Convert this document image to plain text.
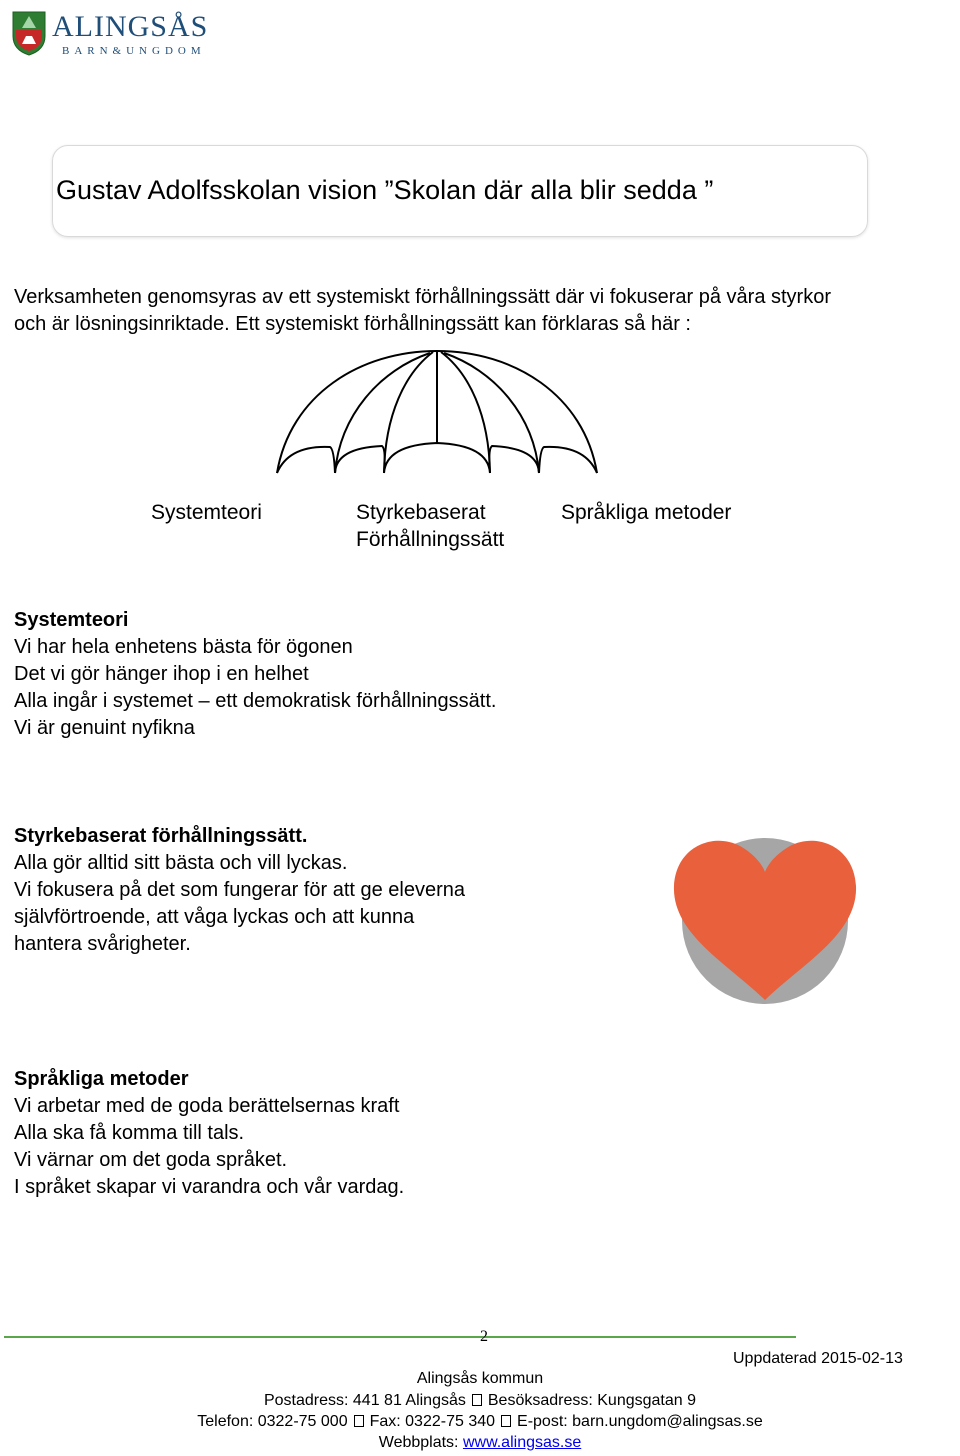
ALINGSÅS
BARN&UNGDOM
Gustav Adolfsskolan vision ”Skolan där alla blir sedda ”
Verksamheten genomsyras av ett systemiskt förhållningssätt där vi fokuserar på våra styrkor
och är lösningsinriktade. Ett systemiskt förhållningssätt kan förklaras så här :
Systemteori	Styrkebaserat
Förhållningssätt
Språkliga metoder
Systemteori
Vi har hela enhetens bästa för ögonen
Det vi gör hänger ihop i en helhet
Alla ingår i systemet – ett demokratisk förhållningssätt.
Vi är genuint nyfikna
Styrkebaserat förhållningssätt.
Alla gör alltid sitt bästa och vill lyckas.
Vi fokusera på det som fungerar för att ge eleverna
självförtroende, att våga lyckas och att kunna
hantera svårigheter.
Språkliga metoder
Vi arbetar med de goda berättelsernas kraft
Alla ska få komma till tals.
Vi värnar om det goda språket.
I språket skapar vi varandra och vår vardag.
2
Uppdaterad 2015-02-13
Alingsås kommun
Postadress: 441 81 Alingsås Besöksadress: Kungsgatan 9
Telefon: 0322-75 000 Fax: 0322-75 340 E-post: barn.ungdom@alingsas.se
Webbplats: www.alingsas.se
